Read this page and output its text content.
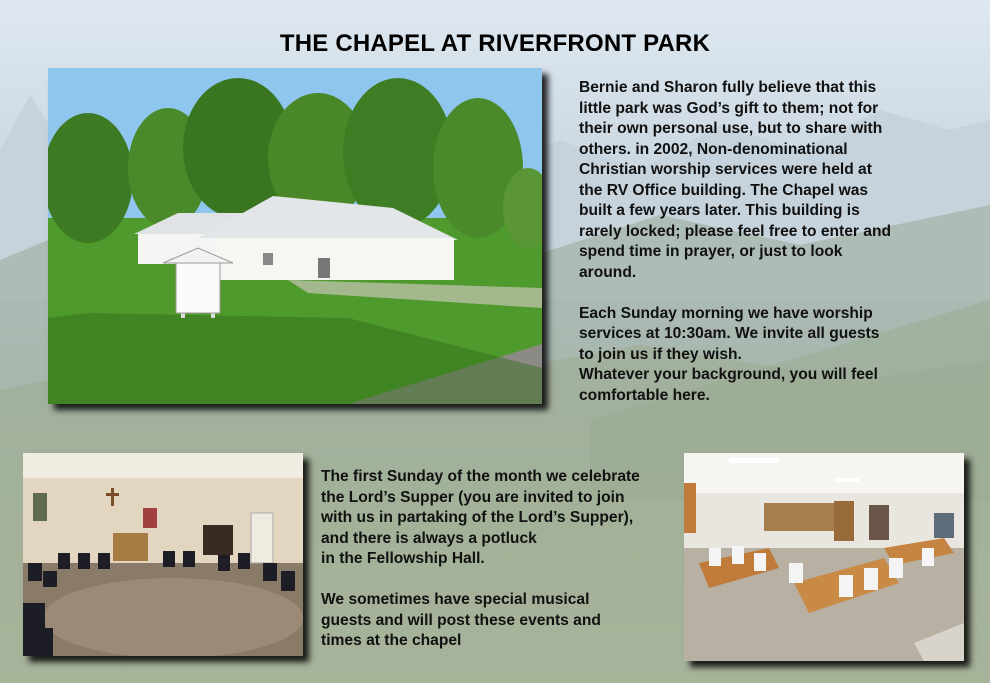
THE CHAPEL AT RIVERFRONT PARK
Bernie and Sharon fully believe that this
little park was God’s gift to them; not for
their own personal use, but to share with
others. in 2002, Non-denominational
Christian worship services were held at
the RV Office building. The Chapel was
built a few years later. This building is
rarely locked; please feel free to enter and
spend time in prayer, or just to look
around.
Each Sunday morning we have worship
services at 10:30am. We invite all guests
to join us if they wish.
Whatever your background, you will feel
comfortable here.
The first Sunday of the month we celebrate
the Lord’s Supper (you are invited to join
with us in partaking of the Lord’s Supper),
and there is always a potluck
in the Fellowship Hall.
We sometimes have special musical
guests and will post these events and
times at the chapel
